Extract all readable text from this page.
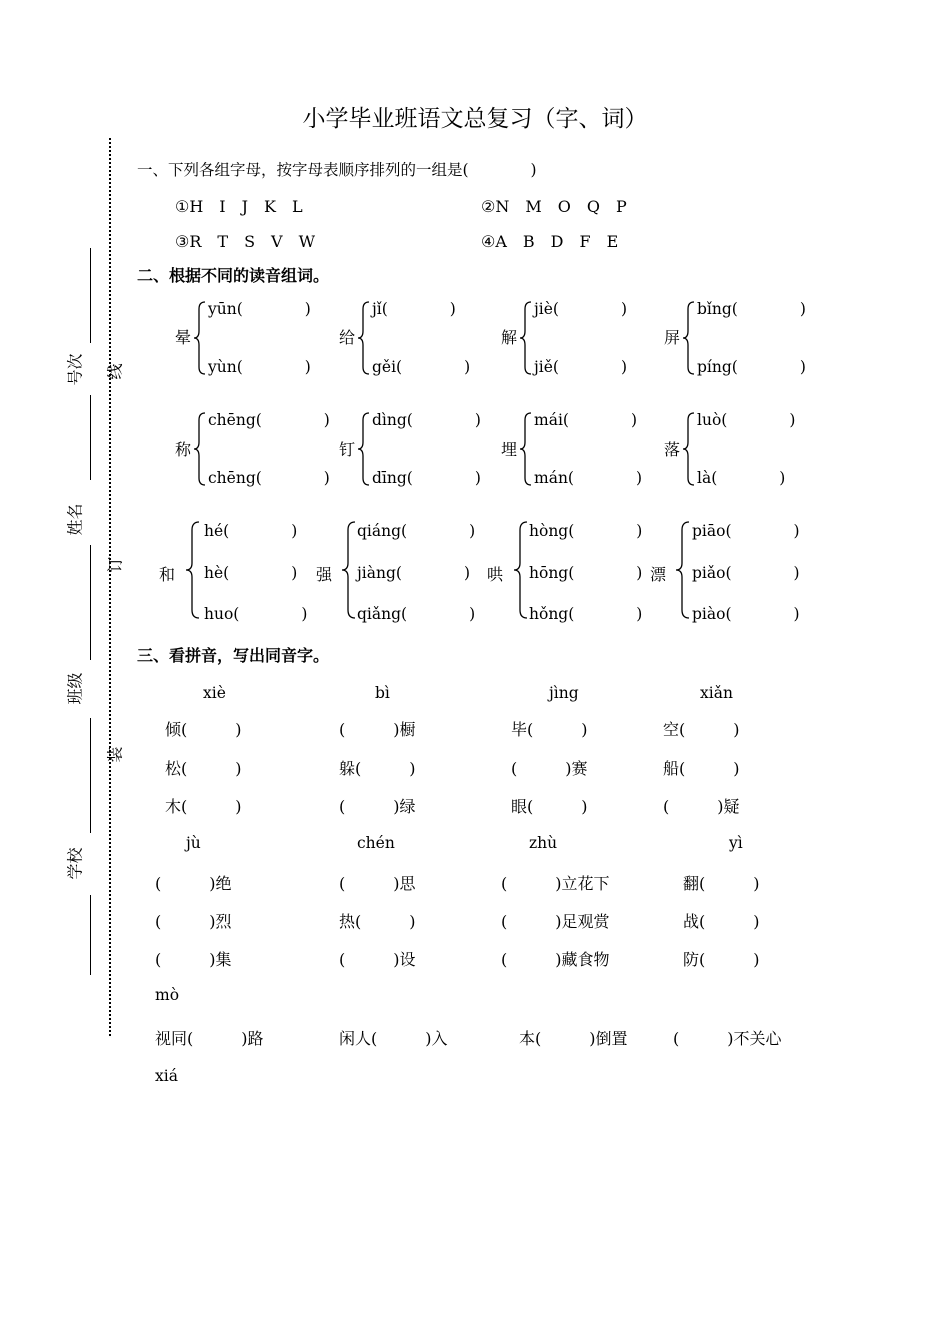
小学毕业班语文总复习（字、词）
号次
姓名
班级
学校
线
订
装
一、下列各组字母，按字母表顺序排列的一组是(　　　　)
①H　I　J　K　L	②N　M　O　Q　P
③R　T　S　V　W	④A　B　D　F　E
二、根据不同的读音组词。
晕
yūn(　　　　)
yùn(　　　　)
给
jǐ(　　　　)
gěi(　　　　)
解
jiè(　　　　)
jiě(　　　　)
屏
bǐng(　　　　)
píng(　　　　)
称
chēng(　　　　)
chēng(　　　　)
钉
dìng(　　　　)
dīng(　　　　)
埋
mái(　　　　)
mán(　　　　)
落
luò(　　　　)
là(　　　　)
和
hé(　　　　)
hè(　　　　)
huo(　　　　)
强
qiáng(　　　　)
jiàng(　　　　)
qiǎng(　　　　)
哄
hòng(　　　　)
hōng(　　　　)
hǒng(　　　　)
漂
piāo(　　　　)
piǎo(　　　　)
piào(　　　　)
三、看拼音，写出同音字。
xiè	bì	jìng	xiǎn
倾(　　　)	(　　　)橱	毕(　　　)	空(　　　)
松(　　　)	躲(　　　)	(　　　)赛	船(　　　)
木(　　　)	(　　　)绿	眼(　　　)	(　　　)疑
jù	chén	zhù	yì
(　　　)绝	(　　　)思	(　　　)立花下	翻(　　　)
(　　　)烈	热(　　　)	(　　　)足观赏	战(　　　)
(　　　)集	(　　　)设	(　　　)藏食物	防(　　　)
mò
视同(　　　)路	闲人(　　　)入	本(　　　)倒置	(　　　)不关心
xiá
